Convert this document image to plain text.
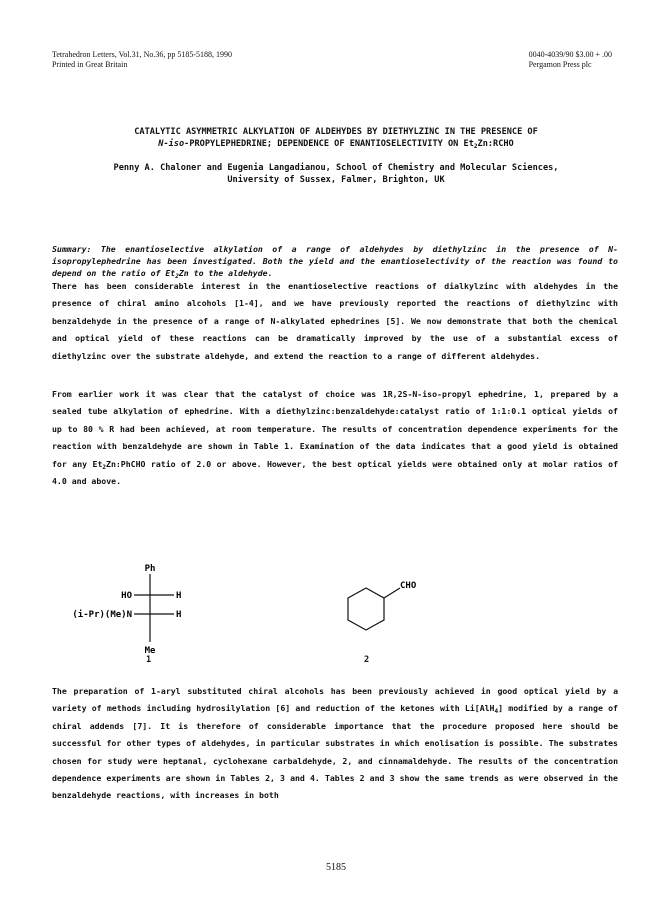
Tetrahedron Letters, Vol.31, No.36, pp 5185-5188, 1990
Printed in Great Britain
0040-4039/90 $3.00 + .00
Pergamon Press plc
CATALYTIC ASYMMETRIC ALKYLATION OF ALDEHYDES BY DIETHYLZINC IN THE PRESENCE OF
N-iso-PROPYLEPHEDRINE; DEPENDENCE OF ENANTIOSELECTIVITY ON $Et_2Zn:RCHO$
Penny A. Chaloner and Eugenia Langadianou, School of Chemistry and Molecular Sciences,
University of Sussex, Falmer, Brighton, UK
Summary: The enantioselective alkylation of a range of aldehydes by diethylzinc in the presence of N-isopropylephedrine has been investigated. Both the yield and the enantioselectivity of the reaction was found to depend on the ratio of $Et_2Zn$ to the aldehyde.
There has been considerable interest in the enantioselective reactions of dialkylzinc with aldehydes in the presence of chiral amino alcohols [1-4], and we have previously reported the reactions of diethylzinc with benzaldehyde in the presence of a range of N-alkylated ephedrines [5]. We now demonstrate that both the chemical and optical yield of these reactions can be dramatically improved by the use of a substantial excess of diethylzinc over the substrate aldehyde, and extend the reaction to a range of different aldehydes.
From earlier work it was clear that the catalyst of choice was 1R,2S-N-iso-propyl ephedrine, 1, prepared by a sealed tube alkylation of ephedrine. With a diethylzinc:benzaldehyde:catalyst ratio of 1:1:0.1 optical yields of up to 80 % R had been achieved, at room temperature. The results of concentration dependence experiments for the reaction with benzaldehyde are shown in Table 1. Examination of the data indicates that a good yield is obtained for any $Et_2Zn:PhCHO$ ratio of 2.0 or above. However, the best optical yields were obtained only at molar ratios of 4.0 and above.
Ph
HO	H
(i-Pr)(Me)N	H
Me
1
CHO
2
The preparation of 1-aryl substituted chiral alcohols has been previously achieved in good optical yield by a variety of methods including hydrosilylation [6] and reduction of the ketones with Li[AlH$_4$] modified by a range of chiral addends [7]. It is therefore of considerable importance that the procedure proposed here should be successful for other types of aldehydes, in particular substrates in which enolisation is possible. The substrates chosen for study were heptanal, cyclohexane carbaldehyde, 2, and cinnamaldehyde. The results of the concentration dependence experiments are shown in Tables 2, 3 and 4. Tables 2 and 3 show the same trends as were observed in the benzaldehyde reactions, with increases in both
5185
